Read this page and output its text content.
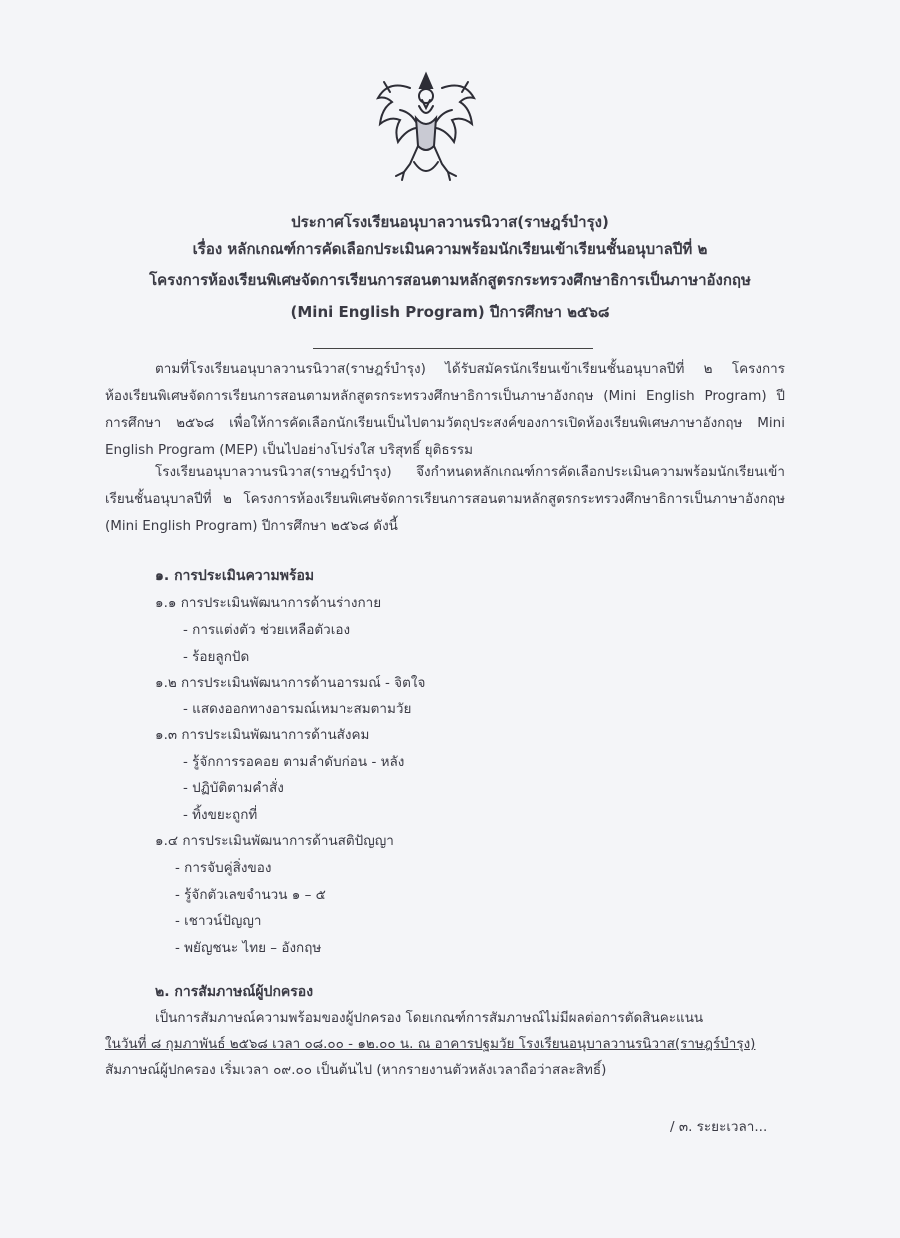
ประกาศโรงเรียนอนุบาลวานรนิวาส(ราษฎร์บำรุง)
เรื่อง หลักเกณฑ์การคัดเลือกประเมินความพร้อมนักเรียนเข้าเรียนชั้นอนุบาลปีที่ ๒
โครงการห้องเรียนพิเศษจัดการเรียนการสอนตามหลักสูตรกระทรวงศึกษาธิการเป็นภาษาอังกฤษ
(Mini English Program) ปีการศึกษา ๒๕๖๘
ตามที่โรงเรียนอนุบาลวานรนิวาส(ราษฎร์บำรุง) ได้รับสมัครนักเรียนเข้าเรียนชั้นอนุบาลปีที่ ๒ โครงการห้องเรียนพิเศษจัดการเรียนการสอนตามหลักสูตรกระทรวงศึกษาธิการเป็นภาษาอังกฤษ (Mini English Program) ปีการศึกษา ๒๕๖๘ เพื่อให้การคัดเลือกนักเรียนเป็นไปตามวัตถุประสงค์ของการเปิดห้องเรียนพิเศษภาษาอังกฤษ Mini English Program (MEP) เป็นไปอย่างโปร่งใส บริสุทธิ์ ยุติธรรม
โรงเรียนอนุบาลวานรนิวาส(ราษฎร์บำรุง) จึงกำหนดหลักเกณฑ์การคัดเลือกประเมินความพร้อมนักเรียนเข้าเรียนชั้นอนุบาลปีที่ ๒ โครงการห้องเรียนพิเศษจัดการเรียนการสอนตามหลักสูตรกระทรวงศึกษาธิการเป็นภาษาอังกฤษ (Mini English Program) ปีการศึกษา ๒๕๖๘ ดังนี้
๑. การประเมินความพร้อม
๑.๑ การประเมินพัฒนาการด้านร่างกาย
- การแต่งตัว ช่วยเหลือตัวเอง
- ร้อยลูกปัด
๑.๒ การประเมินพัฒนาการด้านอารมณ์ - จิตใจ
- แสดงออกทางอารมณ์เหมาะสมตามวัย
๑.๓ การประเมินพัฒนาการด้านสังคม
- รู้จักการรอคอย ตามลำดับก่อน - หลัง
- ปฏิบัติตามคำสั่ง
- ทิ้งขยะถูกที่
๑.๔ การประเมินพัฒนาการด้านสติปัญญา
- การจับคู่สิ่งของ
- รู้จักตัวเลขจำนวน ๑ – ๕
- เชาวน์ปัญญา
- พยัญชนะ ไทย – อังกฤษ
๒. การสัมภาษณ์ผู้ปกครอง
เป็นการสัมภาษณ์ความพร้อมของผู้ปกครอง โดยเกณฑ์การสัมภาษณ์ไม่มีผลต่อการตัดสินคะแนน
ในวันที่ ๘ กุมภาพันธ์ ๒๕๖๘ เวลา ๐๘.๐๐ - ๑๒.๐๐ น. ณ อาคารปฐมวัย โรงเรียนอนุบาลวานรนิวาส(ราษฎร์บำรุง)
สัมภาษณ์ผู้ปกครอง เริ่มเวลา ๐๙.๐๐ เป็นต้นไป (หากรายงานตัวหลังเวลาถือว่าสละสิทธิ์)
/ ๓. ระยะเวลา...
